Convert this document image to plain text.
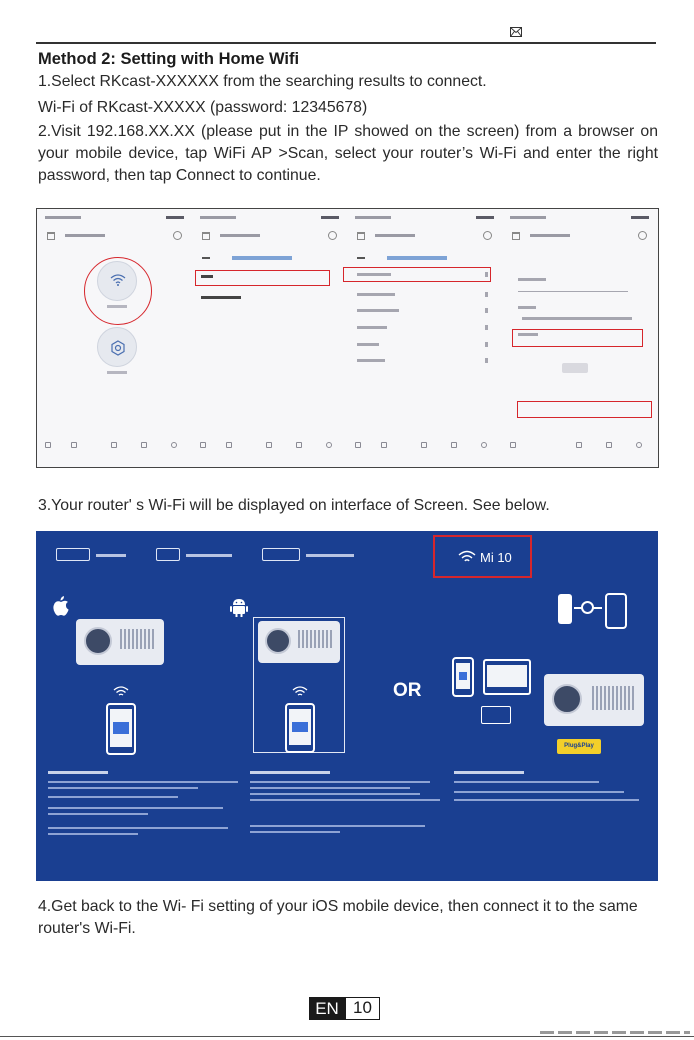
Method 2: Setting with Home Wifi
1.Select RKcast-XXXXXX from the searching results to connect.
Wi-Fi of RKcast-XXXXX (password: 12345678)
2.Visit 192.168.XX.XX (please put in the IP showed on the screen) from a browser on your mobile device, tap WiFi AP >Scan, select your router’s Wi-Fi and enter the right password, then tap Connect to continue.
3.Your router' s Wi-Fi will be displayed on interface of Screen. See below.
Mi 10
OR
Plug&Play
4.Get back to the Wi- Fi setting of your iOS mobile device, then connect it to the same router's Wi-Fi.
EN 10
